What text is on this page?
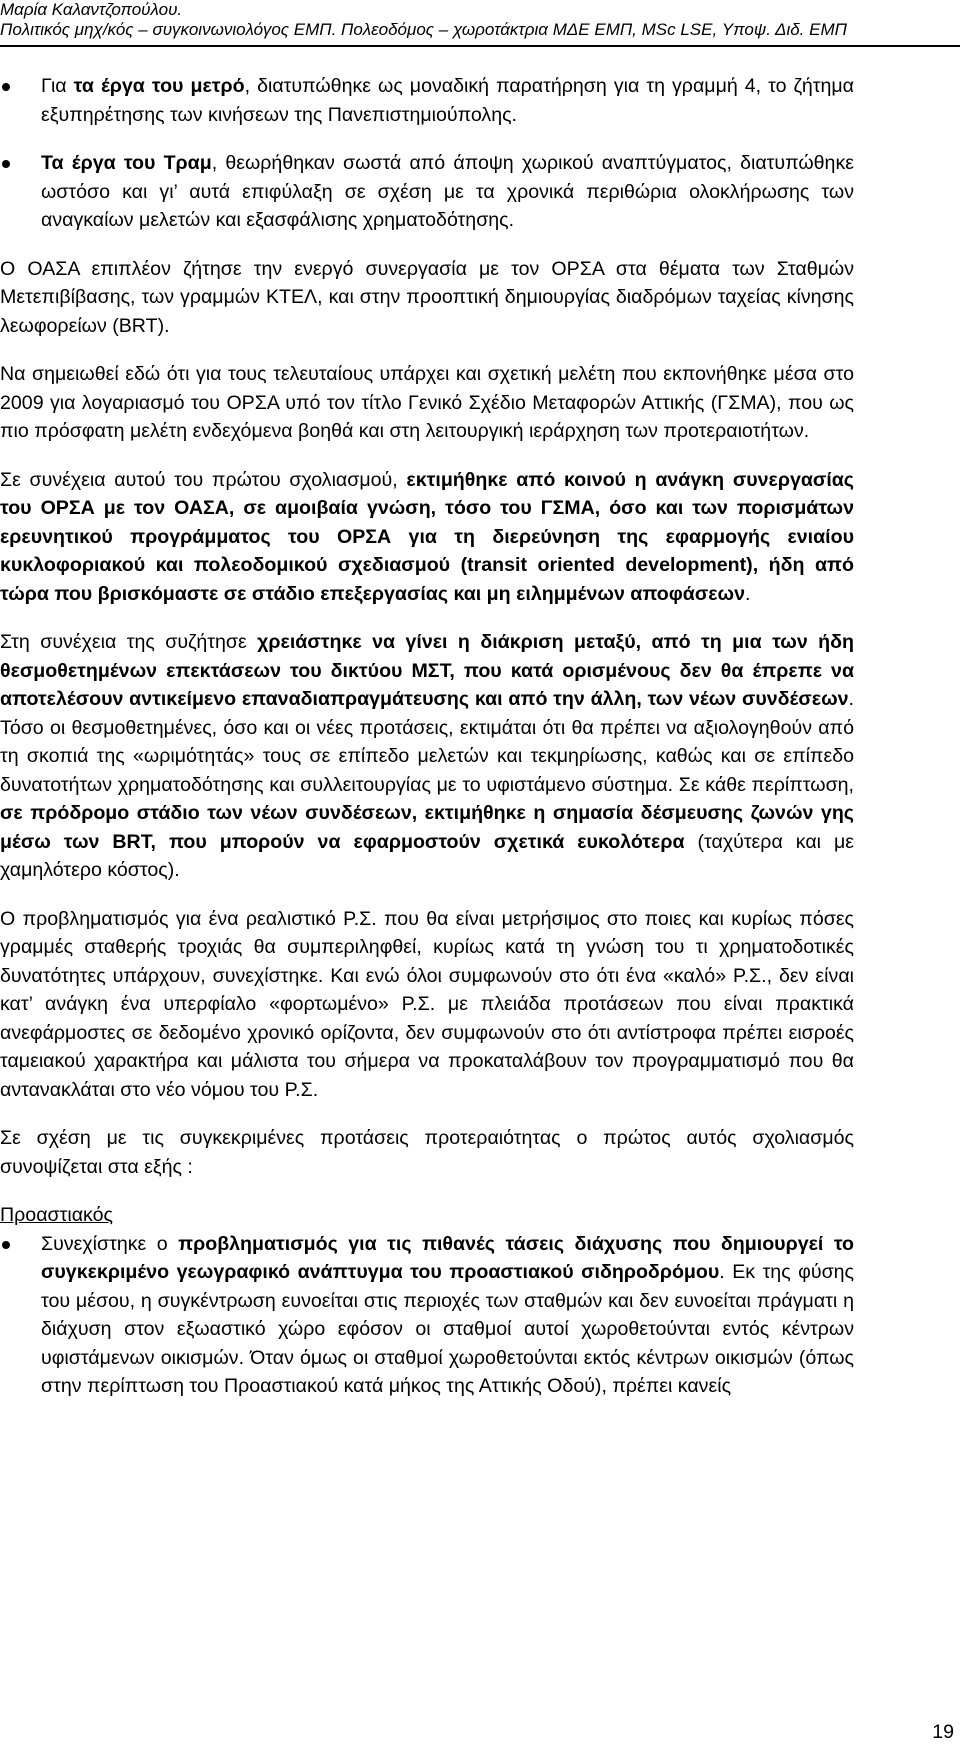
Μαρία Καλαντζοπούλου.
Πολιτικός μηχ/κός – συγκοινωνιολόγος ΕΜΠ. Πολεοδόμος – χωροτάκτρια ΜΔΕ ΕΜΠ, MSc LSE, Υποψ. Διδ. ΕΜΠ
Για τα έργα του μετρό, διατυπώθηκε ως μοναδική παρατήρηση για τη γραμμή 4, το ζήτημα εξυπηρέτησης των κινήσεων της Πανεπιστημιούπολης.
Τα έργα του Τραμ, θεωρήθηκαν σωστά από άποψη χωρικού αναπτύγματος, διατυπώθηκε ωστόσο και γι’ αυτά επιφύλαξη σε σχέση με τα χρονικά περιθώρια ολοκλήρωσης των αναγκαίων μελετών και εξασφάλισης χρηματοδότησης.

Ο ΟΑΣΑ επιπλέον ζήτησε την ενεργό συνεργασία με τον ΟΡΣΑ στα θέματα των Σταθμών Μετεπιβίβασης, των γραμμών ΚΤΕΛ, και στην προοπτική δημιουργίας διαδρόμων ταχείας κίνησης λεωφορείων (BRT).

Να σημειωθεί εδώ ότι για τους τελευταίους υπάρχει και σχετική μελέτη που εκπονήθηκε μέσα στο 2009 για λογαριασμό του ΟΡΣΑ υπό τον τίτλο Γενικό Σχέδιο Μεταφορών Αττικής (ΓΣΜΑ), που ως πιο πρόσφατη μελέτη ενδεχόμενα βοηθά και στη λειτουργική ιεράρχηση των προτεραιοτήτων.

Σε συνέχεια αυτού του πρώτου σχολιασμού, εκτιμήθηκε από κοινού η ανάγκη συνεργασίας του ΟΡΣΑ με τον ΟΑΣΑ, σε αμοιβαία γνώση, τόσο του ΓΣΜΑ, όσο και των πορισμάτων ερευνητικού προγράμματος του ΟΡΣΑ για τη διερεύνηση της εφαρμογής ενιαίου κυκλοφοριακού και πολεοδομικού σχεδιασμού (transit oriented development), ήδη από τώρα που βρισκόμαστε σε στάδιο επεξεργασίας και μη ειλημμένων αποφάσεων.

Στη συνέχεια της συζήτησε χρειάστηκε να γίνει η διάκριση μεταξύ, από τη μια των ήδη θεσμοθετημένων επεκτάσεων του δικτύου ΜΣΤ, που κατά ορισμένους δεν θα έπρεπε να αποτελέσουν αντικείμενο επαναδιαπραγμάτευσης και από την άλλη, των νέων συνδέσεων. Τόσο οι θεσμοθετημένες, όσο και οι νέες προτάσεις, εκτιμάται ότι θα πρέπει να αξιολογηθούν από τη σκοπιά της «ωριμότητάς» τους σε επίπεδο μελετών και τεκμηρίωσης, καθώς και σε επίπεδο δυνατοτήτων χρηματοδότησης και συλλειτουργίας με το υφιστάμενο σύστημα. Σε κάθε περίπτωση, σε πρόδρομο στάδιο των νέων συνδέσεων, εκτιμήθηκε η σημασία δέσμευσης ζωνών γης μέσω των BRT, που μπορούν να εφαρμοστούν σχετικά ευκολότερα (ταχύτερα και με χαμηλότερο κόστος).

Ο προβληματισμός για ένα ρεαλιστικό Ρ.Σ. που θα είναι μετρήσιμος στο ποιες και κυρίως πόσες γραμμές σταθερής τροχιάς θα συμπεριληφθεί, κυρίως κατά τη γνώση του τι χρηματοδοτικές δυνατότητες υπάρχουν, συνεχίστηκε. Και ενώ όλοι συμφωνούν στο ότι ένα «καλό» Ρ.Σ., δεν είναι κατ’ ανάγκη ένα υπερφίαλο «φορτωμένο» Ρ.Σ. με πλειάδα προτάσεων που είναι πρακτικά ανεφάρμοστες σε δεδομένο χρονικό ορίζοντα, δεν συμφωνούν στο ότι αντίστροφα πρέπει εισροές ταμειακού χαρακτήρα και μάλιστα του σήμερα να προκαταλάβουν τον προγραμματισμό που θα αντανακλάται στο νέο νόμου του Ρ.Σ.

Σε σχέση με τις συγκεκριμένες προτάσεις προτεραιότητας ο πρώτος αυτός σχολιασμός συνοψίζεται στα εξής :

Προαστιακός

Συνεχίστηκε ο προβληματισμός για τις πιθανές τάσεις διάχυσης που δημιουργεί το συγκεκριμένο γεωγραφικό ανάπτυγμα του προαστιακού σιδηροδρόμου. Εκ της φύσης του μέσου, η συγκέντρωση ευνοείται στις περιοχές των σταθμών και δεν ευνοείται πράγματι η διάχυση στον εξωαστικό χώρο εφόσον οι σταθμοί αυτοί χωροθετούνται εντός κέντρων υφιστάμενων οικισμών. Όταν όμως οι σταθμοί χωροθετούνται εκτός κέντρων οικισμών (όπως στην περίπτωση του Προαστιακού κατά μήκος της Αττικής Οδού), πρέπει κανείς
19
